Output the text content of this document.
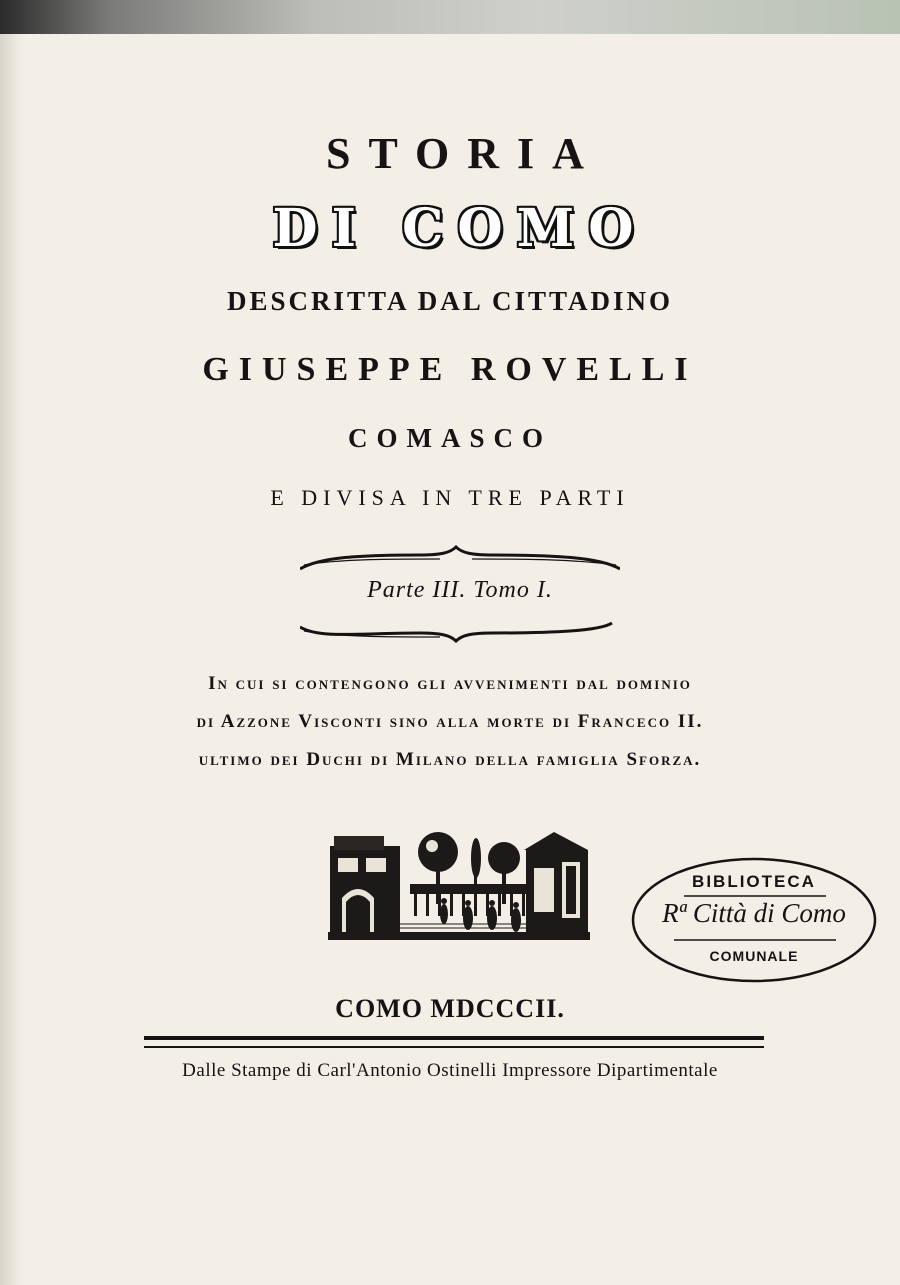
STORIA
DI COMO
DESCRITTA DAL CITTADINO
GIUSEPPE ROVELLI
COMASCO
E DIVISA IN TRE PARTI
Parte III. Tomo I.
In cui si contengono gli avvenimenti dal dominio
di Azzone Visconti sino alla morte di Franceco II.
ultimo dei Duchi di Milano della famiglia Sforza.
BIBLIOTECA
Rª Città di Como
COMUNALE
COMO MDCCCII.
Dalle Stampe di Carl'Antonio Ostinelli Impressore Dipartimentale
